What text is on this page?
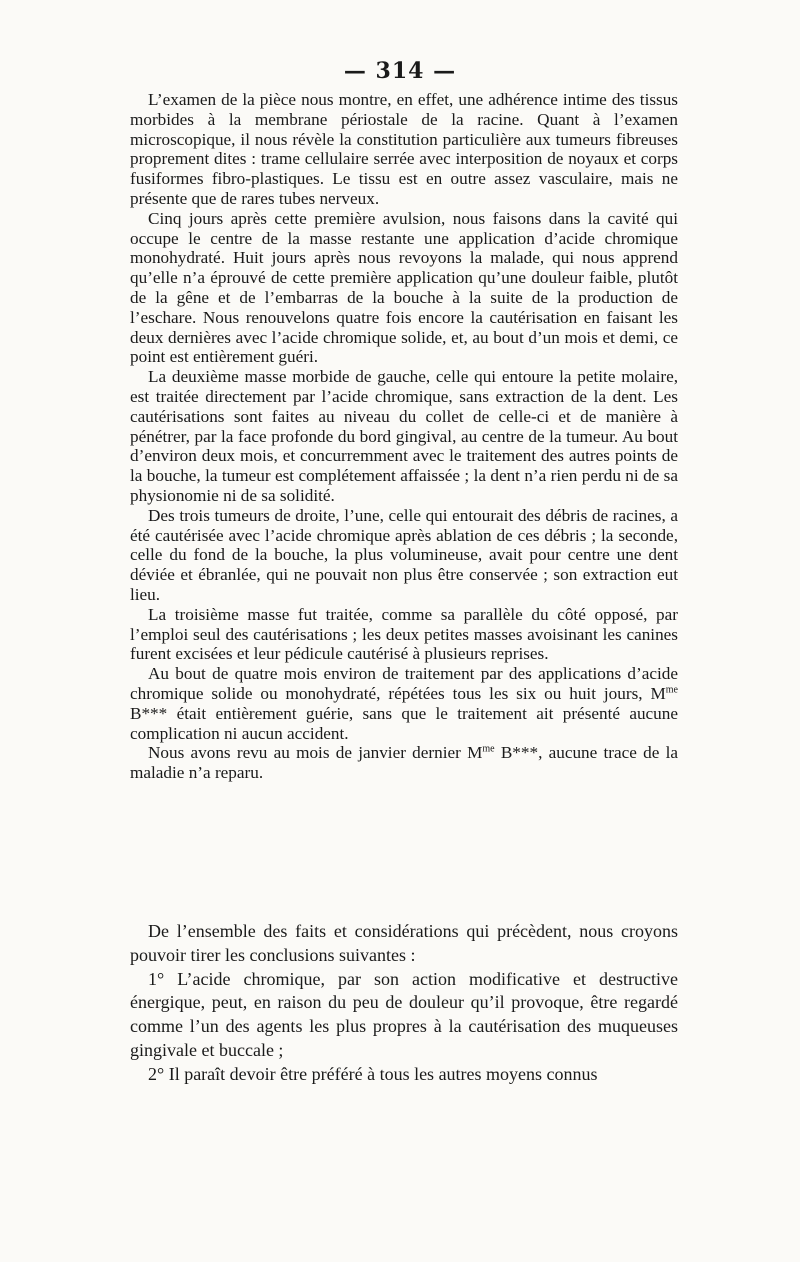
— 314 —

L’examen de la pièce nous montre, en effet, une adhérence intime des tissus morbides à la membrane périostale de la racine. Quant à l’examen microscopique, il nous révèle la constitution particulière aux tumeurs fibreuses proprement dites : trame cellulaire serrée avec interposition de noyaux et corps fusiformes fibro-plastiques. Le tissu est en outre assez vasculaire, mais ne présente que de rares tubes nerveux.

Cinq jours après cette première avulsion, nous faisons dans la cavité qui occupe le centre de la masse restante une application d’acide chromique monohydraté. Huit jours après nous revoyons la malade, qui nous apprend qu’elle n’a éprouvé de cette première application qu’une douleur faible, plutôt de la gêne et de l’embarras de la bouche à la suite de la production de l’eschare. Nous renouvelons quatre fois encore la cautérisation en faisant les deux dernières avec l’acide chromique solide, et, au bout d’un mois et demi, ce point est entièrement guéri.

La deuxième masse morbide de gauche, celle qui entoure la petite molaire, est traitée directement par l’acide chromique, sans extraction de la dent. Les cautérisations sont faites au niveau du collet de celle-ci et de manière à pénétrer, par la face profonde du bord gingival, au centre de la tumeur. Au bout d’environ deux mois, et concurremment avec le traitement des autres points de la bouche, la tumeur est complétement affaissée ; la dent n’a rien perdu ni de sa physionomie ni de sa solidité.

Des trois tumeurs de droite, l’une, celle qui entourait des débris de racines, a été cautérisée avec l’acide chromique après ablation de ces débris ; la seconde, celle du fond de la bouche, la plus volumineuse, avait pour centre une dent déviée et ébranlée, qui ne pouvait non plus être conservée ; son extraction eut lieu.

La troisième masse fut traitée, comme sa parallèle du côté opposé, par l’emploi seul des cautérisations ; les deux petites masses avoisinant les canines furent excisées et leur pédicule cautérisé à plusieurs reprises.

Au bout de quatre mois environ de traitement par des applications d’acide chromique solide ou monohydraté, répétées tous les six ou huit jours, $M^{me}$ B*** était entièrement guérie, sans que le traitement ait présenté aucune complication ni aucun accident.

Nous avons revu au mois de janvier dernier $M^{me}$ B***, aucune trace de la maladie n’a reparu.

De l’ensemble des faits et considérations qui précèdent, nous croyons pouvoir tirer les conclusions suivantes :

1° L’acide chromique, par son action modificative et destructive énergique, peut, en raison du peu de douleur qu’il provoque, être regardé comme l’un des agents les plus propres à la cautérisation des muqueuses gingivale et buccale ;

2° Il paraît devoir être préféré à tous les autres moyens connus
